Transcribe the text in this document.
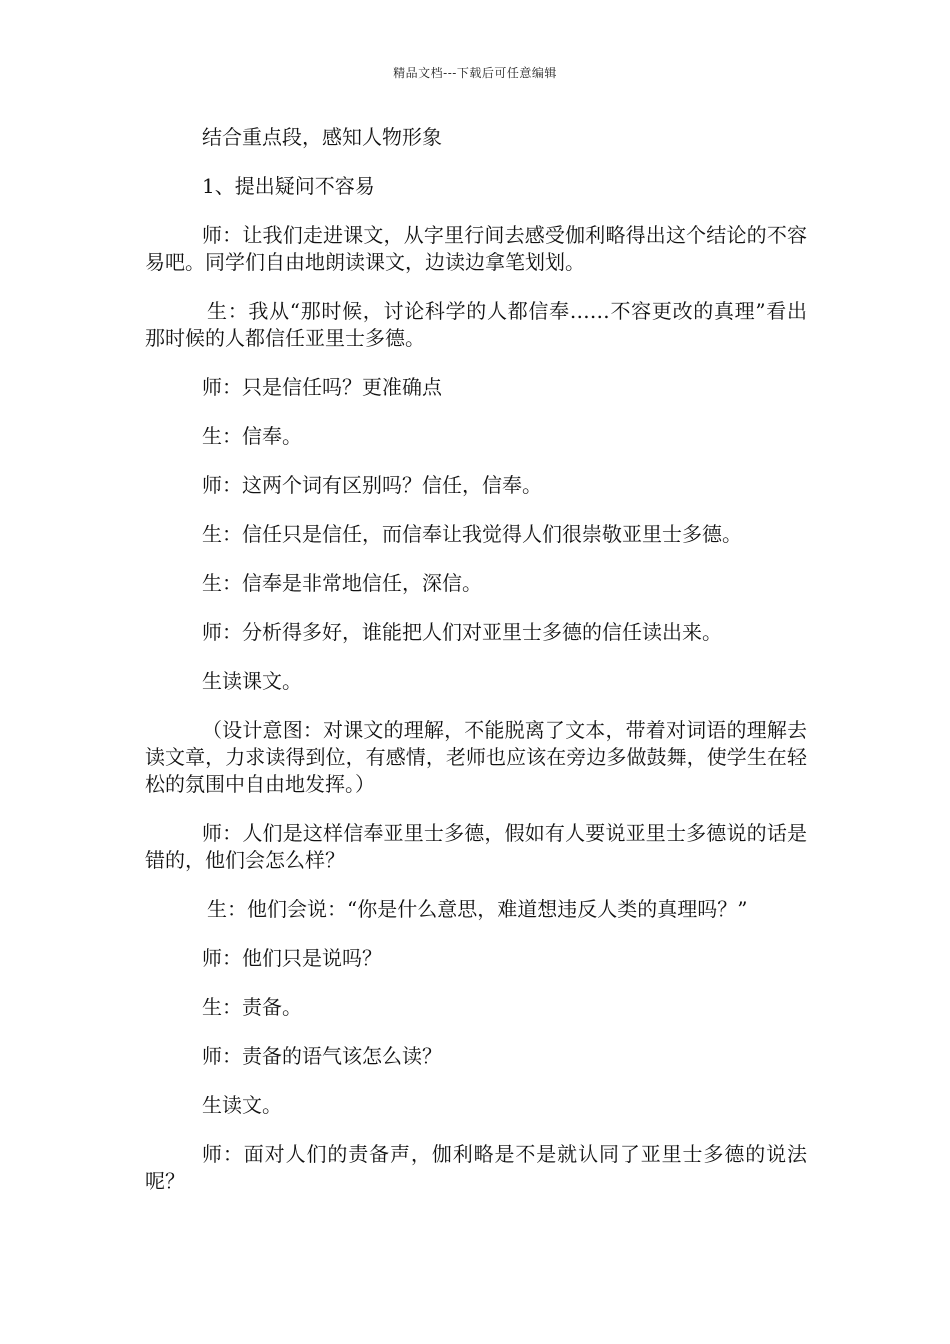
精品文档---下载后可任意编辑

结合重点段，感知人物形象

1、提出疑问不容易

师：让我们走进课文，从字里行间去感受伽利略得出这个结论的不容易吧。同学们自由地朗读课文，边读边拿笔划划。

生：我从“那时候，讨论科学的人都信奉……不容更改的真理”看出那时候的人都信任亚里士多德。

师：只是信任吗？更准确点

生：信奉。

师：这两个词有区别吗？信任，信奉。

生：信任只是信任，而信奉让我觉得人们很崇敬亚里士多德。

生：信奉是非常地信任，深信。

师：分析得多好，谁能把人们对亚里士多德的信任读出来。

生读课文。

（设计意图：对课文的理解，不能脱离了文本，带着对词语的理解去读文章，力求读得到位，有感情，老师也应该在旁边多做鼓舞，使学生在轻松的氛围中自由地发挥。）

师：人们是这样信奉亚里士多德，假如有人要说亚里士多德说的话是错的，他们会怎么样？

生：他们会说：“你是什么意思，难道想违反人类的真理吗？”

师：他们只是说吗？

生：责备。

师：责备的语气该怎么读？

生读文。

师：面对人们的责备声，伽利略是不是就认同了亚里士多德的说法呢？
